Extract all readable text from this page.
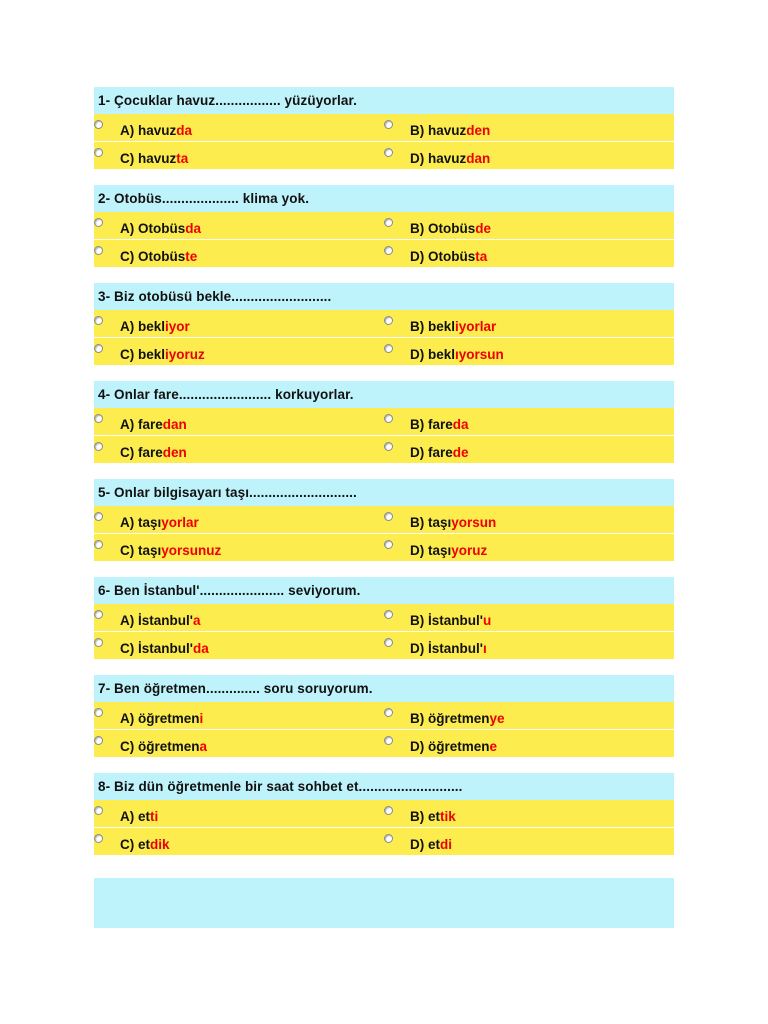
1- Çocuklar havuz................. yüzüyorlar.
A) havuzda	B) havuzden
C) havuzta	D) havuzdan
2- Otobüs.................... klima yok.
A) Otobüsda	B) Otobüsde
C) Otobüste	D) Otobüsta
3- Biz otobüsü bekle..........................
A) bekliyor	B) bekliyorlar
C) bekliyoruz	D) beklıyorsun
4- Onlar fare........................ korkuyorlar.
A) faredan	B) fareda
C) fareden	D) farede
5- Onlar bilgisayarı taşı............................
A) taşıyorlar	B) taşıyorsun
C) taşıyorsunuz	D) taşıyoruz
6- Ben İstanbul'...................... seviyorum.
A) İstanbul'a	B) İstanbul'u
C) İstanbul'da	D) İstanbul'ı
7- Ben öğretmen.............. soru soruyorum.
A) öğretmeni	B) öğretmenye
C) öğretmena	D) öğretmene
8- Biz dün öğretmenle bir saat sohbet et...........................
A) etti	B) ettik
C) etdik	D) etdi
